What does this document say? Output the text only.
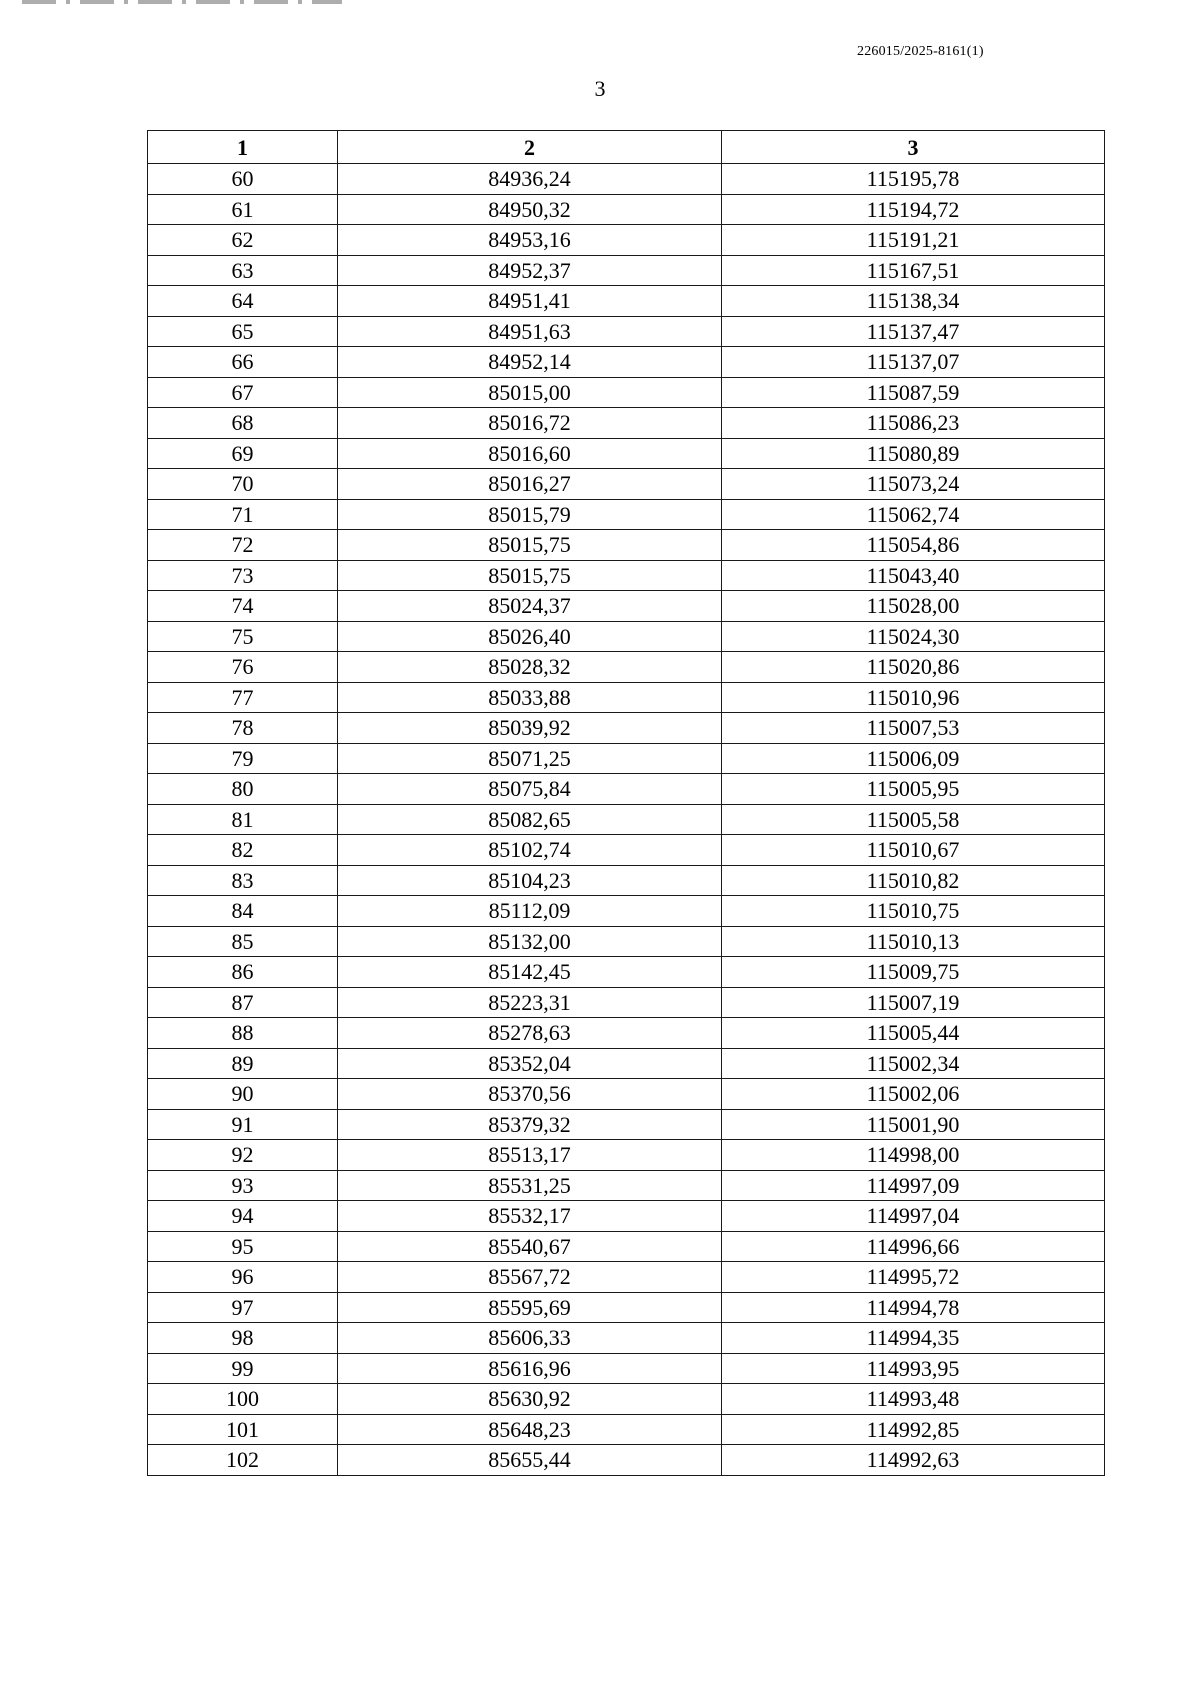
226015/2025-8161(1)
3
1	2	3
60	84936,24	115195,78
61	84950,32	115194,72
62	84953,16	115191,21
63	84952,37	115167,51
64	84951,41	115138,34
65	84951,63	115137,47
66	84952,14	115137,07
67	85015,00	115087,59
68	85016,72	115086,23
69	85016,60	115080,89
70	85016,27	115073,24
71	85015,79	115062,74
72	85015,75	115054,86
73	85015,75	115043,40
74	85024,37	115028,00
75	85026,40	115024,30
76	85028,32	115020,86
77	85033,88	115010,96
78	85039,92	115007,53
79	85071,25	115006,09
80	85075,84	115005,95
81	85082,65	115005,58
82	85102,74	115010,67
83	85104,23	115010,82
84	85112,09	115010,75
85	85132,00	115010,13
86	85142,45	115009,75
87	85223,31	115007,19
88	85278,63	115005,44
89	85352,04	115002,34
90	85370,56	115002,06
91	85379,32	115001,90
92	85513,17	114998,00
93	85531,25	114997,09
94	85532,17	114997,04
95	85540,67	114996,66
96	85567,72	114995,72
97	85595,69	114994,78
98	85606,33	114994,35
99	85616,96	114993,95
100	85630,92	114993,48
101	85648,23	114992,85
102	85655,44	114992,63
